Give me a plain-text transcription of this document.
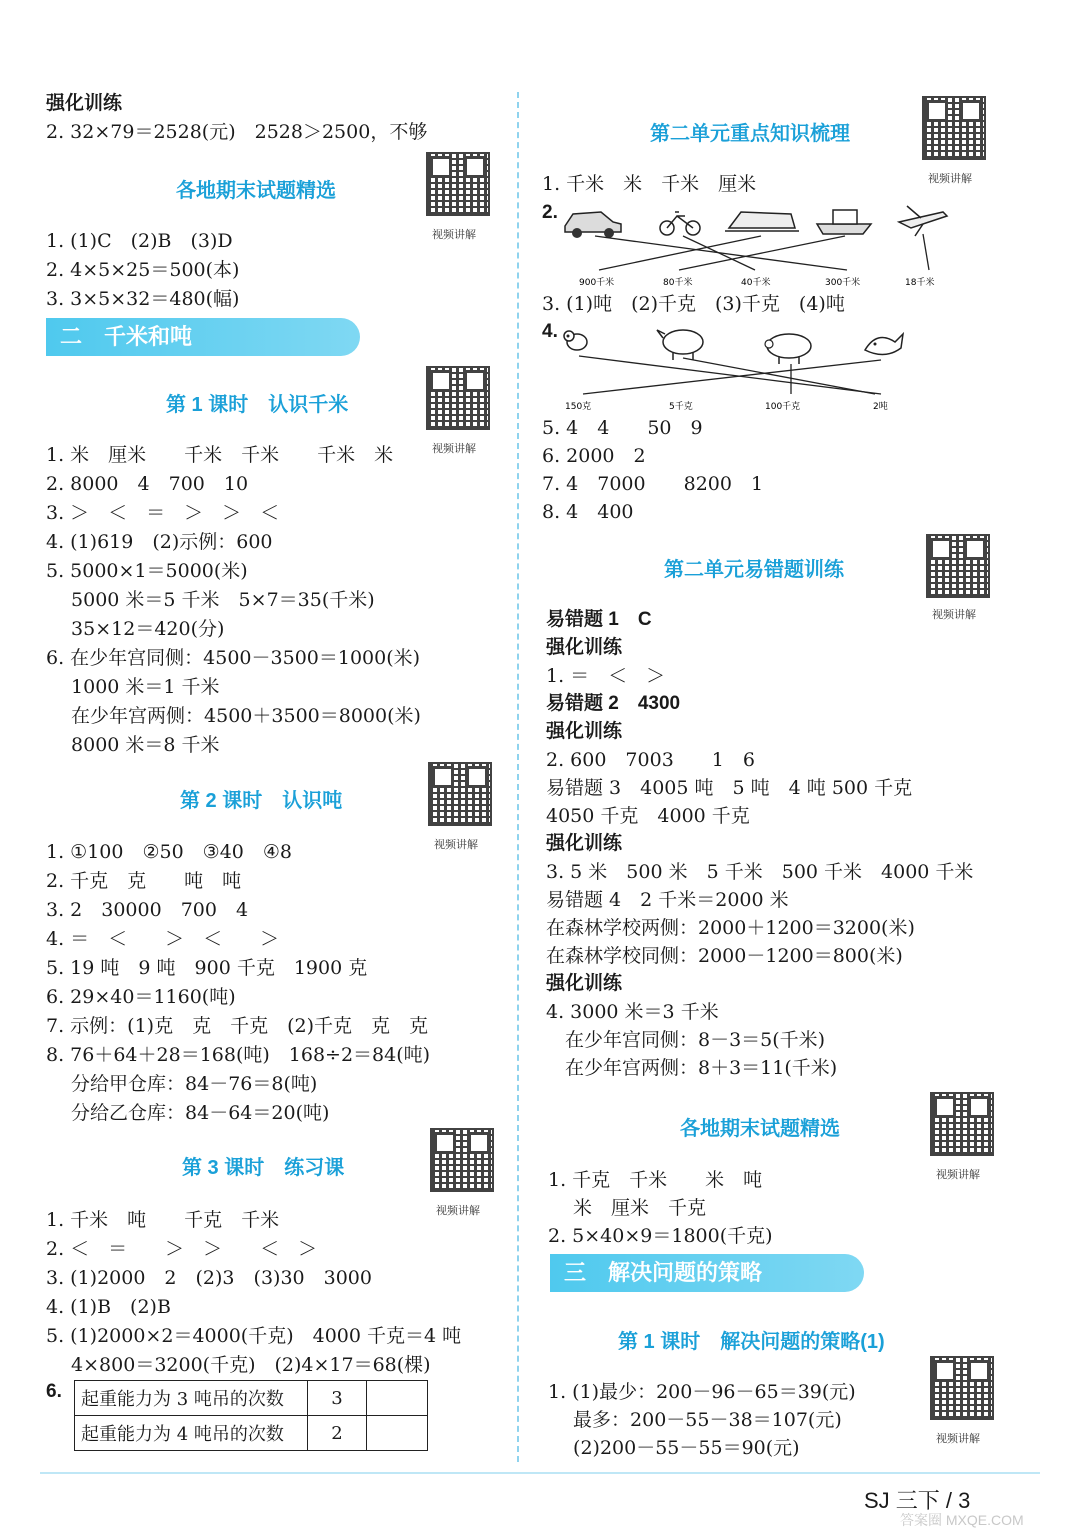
强化训练
2. 32×79＝2528(元)　2528＞2500，不够
各地期末试题精选
视频讲解
1. (1)C　(2)B　(3)D
2. 4×5×25＝500(本)
3. 3×5×32＝480(幅)
二　千米和吨
第 1 课时　认识千米
视频讲解
1. 米　厘米　　千米　千米　　千米　米
2. 8000　4　700　10
3. ＞　＜　＝　＞　＞　＜
4. (1)619　(2)示例：600
5. 5000×1＝5000(米)
　 5000 米＝5 千米　5×7＝35(千米)
　 35×12＝420(分)
6. 在少年宫同侧：4500－3500＝1000(米)
　 1000 米＝1 千米
　 在少年宫两侧：4500＋3500＝8000(米)
　 8000 米＝8 千米
第 2 课时　认识吨
视频讲解
1. ①100　②50　③40　④8
2. 千克　克　　吨　吨
3. 2　30000　700　4
4. ＝　＜　　＞　＜　　＞
5. 19 吨　9 吨　900 千克　1900 克
6. 29×40＝1160(吨)
7. 示例：(1)克　克　千克　(2)千克　克　克
8. 76＋64＋28＝168(吨)　168÷2＝84(吨)
　 分给甲仓库：84－76＝8(吨)
　 分给乙仓库：84－64＝20(吨)
第 3 课时　练习课
视频讲解
1. 千米　吨　　千克　千米
2. ＜　＝　　＞　＞　　＜　＞
3. (1)2000　2　(2)3　(3)30　3000
4. (1)B　(2)B
5. (1)2000×2＝4000(千克)　4000 千克＝4 吨
　 4×800＝3200(千克)　(2)4×17＝68(棵)
6. 起重能力为 3 吨吊的次数	3	
起重能力为 4 吨吊的次数	2	
第二单元重点知识梳理
视频讲解
1. 千米　米　千米　厘米
2.
900千米	80千米	40千米	300千米	18千米
3. (1)吨　(2)千克　(3)千克　(4)吨
4.
150克	5千克	100千克	2吨
5. 4　4　　50　9
6. 2000　2
7. 4　7000　　8200　1
8. 4　400
第二单元易错题训练
视频讲解
易错题 1　C
强化训练
1. ＝　＜　＞
易错题 2　4300
强化训练
2. 600　7003　　1　6
易错题 3　4005 吨　5 吨　4 吨 500 千克
4050 千克　4000 千克
强化训练
3. 5 米　500 米　5 千米　500 千米　4000 千米
易错题 4　2 千米＝2000 米
在森林学校两侧：2000＋1200＝3200(米)
在森林学校同侧：2000－1200＝800(米)
强化训练
4. 3000 米＝3 千米
　在少年宫同侧：8－3＝5(千米)
　在少年宫两侧：8＋3＝11(千米)
各地期末试题精选
视频讲解
1. 千克　千米　　米　吨
　 米　厘米　千克
2. 5×40×9＝1800(千克)
三　解决问题的策略
第 1 课时　解决问题的策略(1)
视频讲解
1. (1)最少：200－96－65＝39(元)
　 最多：200－55－38＝107(元)
　 (2)200－55－55＝90(元)
SJ 三下 / 3
答案圈 MXQE.COM
